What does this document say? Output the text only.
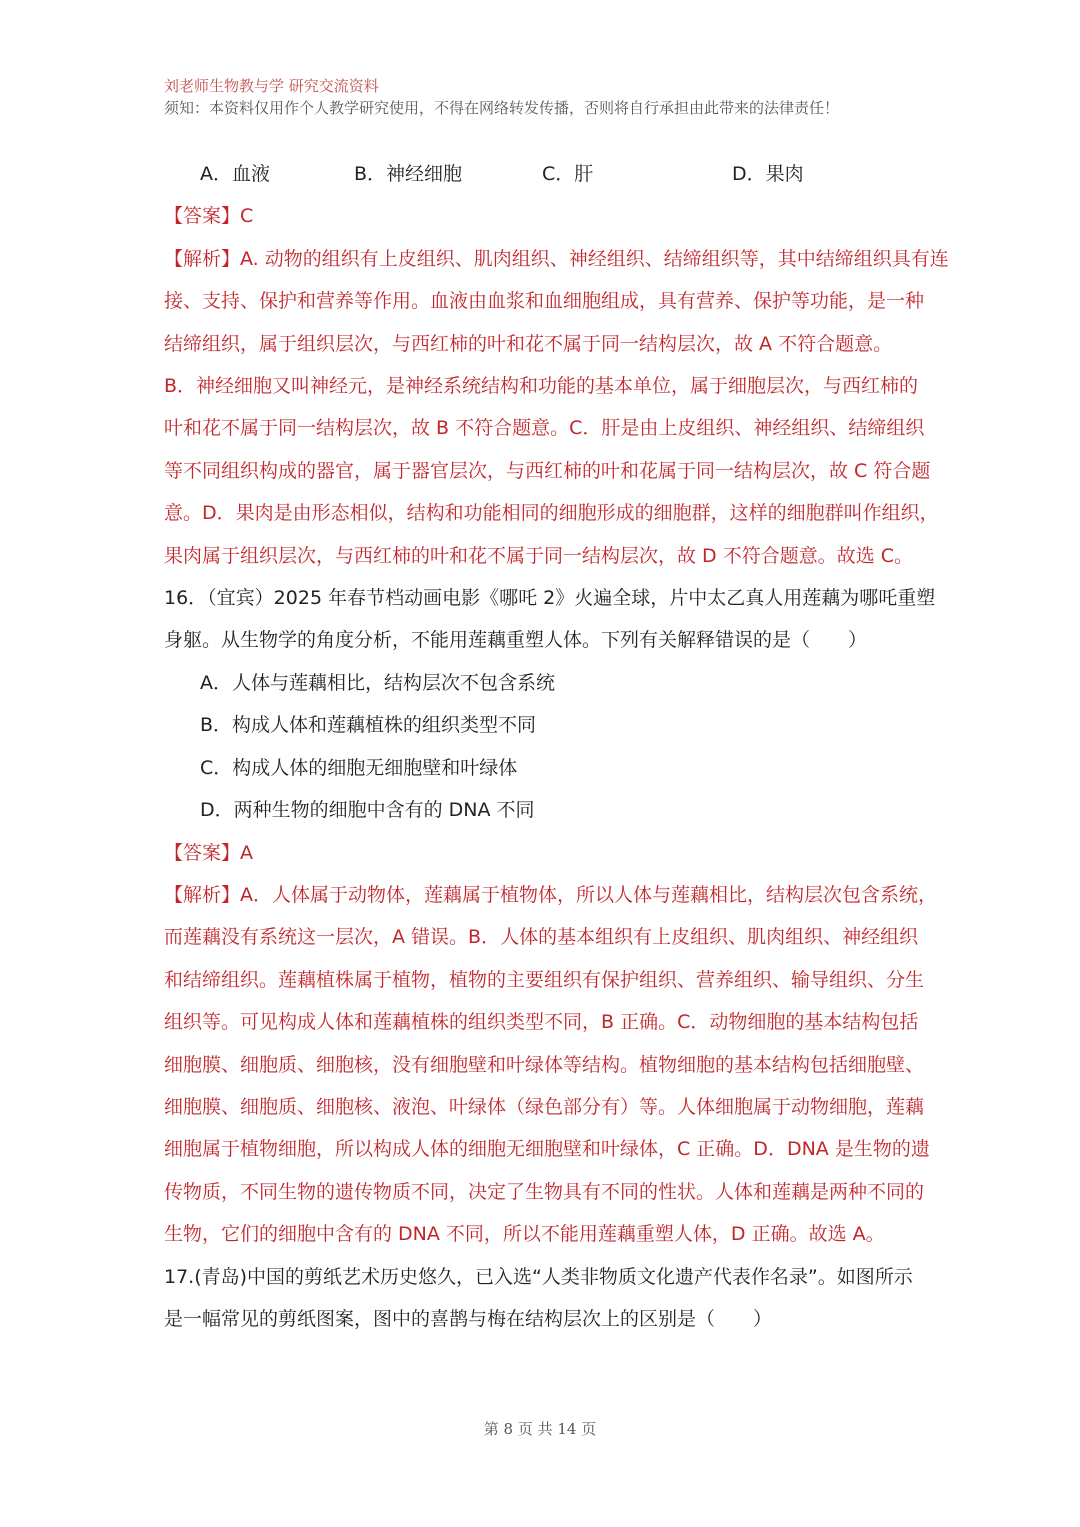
刘老师生物教与学 研究交流资料
须知：本资料仅用作个人教学研究使用，不得在网络转发传播，否则将自行承担由此带来的法律责任！
A．血液	B．神经细胞	C．肝	D．果肉
【答案】C
【解析】A. 动物的组织有上皮组织、肌肉组织、神经组织、结缔组织等，其中结缔组织具有连
接、支持、保护和营养等作用。血液由血浆和血细胞组成，具有营养、保护等功能，是一种
结缔组织，属于组织层次，与西红柿的叶和花不属于同一结构层次，故 A 不符合题意。
B．神经细胞又叫神经元，是神经系统结构和功能的基本单位，属于细胞层次，与西红柿的
叶和花不属于同一结构层次，故 B 不符合题意。C．肝是由上皮组织、神经组织、结缔组织
等不同组织构成的器官，属于器官层次，与西红柿的叶和花属于同一结构层次，故 C 符合题
意。D．果肉是由形态相似，结构和功能相同的细胞形成的细胞群，这样的细胞群叫作组织，
果肉属于组织层次，与西红柿的叶和花不属于同一结构层次，故 D 不符合题意。故选 C。
16．（宜宾）2025 年春节档动画电影《哪吒 2》火遍全球，片中太乙真人用莲藕为哪吒重塑
身躯。从生物学的角度分析，不能用莲藕重塑人体。下列有关解释错误的是（　　）
A．人体与莲藕相比，结构层次不包含系统
B．构成人体和莲藕植株的组织类型不同
C．构成人体的细胞无细胞壁和叶绿体
D．两种生物的细胞中含有的 DNA 不同
【答案】A
【解析】A．人体属于动物体，莲藕属于植物体，所以人体与莲藕相比，结构层次包含系统，
而莲藕没有系统这一层次，A 错误。B．人体的基本组织有上皮组织、肌肉组织、神经组织
和结缔组织。莲藕植株属于植物，植物的主要组织有保护组织、营养组织、输导组织、分生
组织等。可见构成人体和莲藕植株的组织类型不同，B 正确。C．动物细胞的基本结构包括
细胞膜、细胞质、细胞核，没有细胞壁和叶绿体等结构。植物细胞的基本结构包括细胞壁、
细胞膜、细胞质、细胞核、液泡、叶绿体（绿色部分有）等。人体细胞属于动物细胞，莲藕
细胞属于植物细胞，所以构成人体的细胞无细胞壁和叶绿体，C 正确。D．DNA 是生物的遗
传物质，不同生物的遗传物质不同，决定了生物具有不同的性状。人体和莲藕是两种不同的
生物，它们的细胞中含有的 DNA 不同，所以不能用莲藕重塑人体，D 正确。故选 A。
17.(青岛)中国的剪纸艺术历史悠久，已入选“人类非物质文化遗产代表作名录”。如图所示
是一幅常见的剪纸图案，图中的喜鹊与梅在结构层次上的区别是（　　）
第 8 页 共 14 页
